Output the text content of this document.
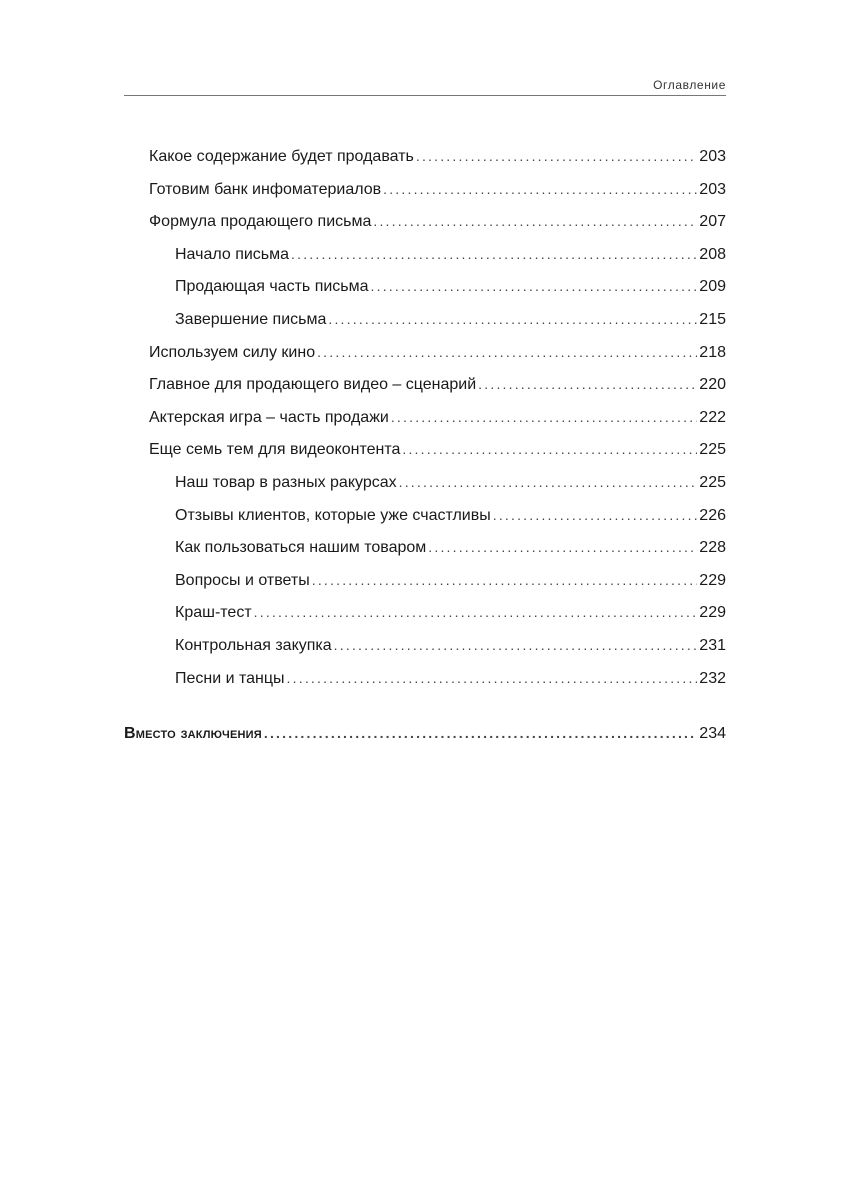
Оглавление
Какое содержание будет продавать .....	203
Готовим банк инфоматериалов .....	203
Формула продающего письма .....	207
Начало письма .....	208
Продающая часть письма .....	209
Завершение письма .....	215
Используем силу кино .....	218
Главное для продающего видео – сценарий .....	220
Актерская игра – часть продажи .....	222
Еще семь тем для видеоконтента .....	225
Наш товар в разных ракурсах .....	225
Отзывы клиентов, которые уже счастливы .....	226
Как пользоваться нашим товаром .....	228
Вопросы и ответы .....	229
Краш-тест .....	229
Контрольная закупка .....	231
Песни и танцы .....	232
Вместо заключения .....	234
